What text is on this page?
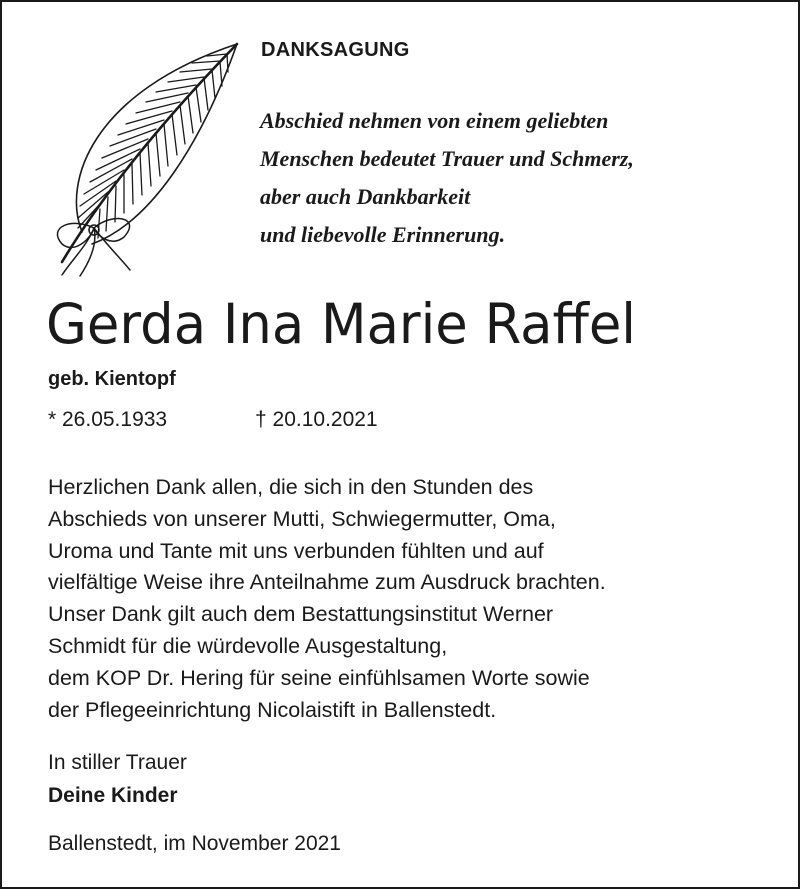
DANKSAGUNG
Abschied nehmen von einem geliebten
Menschen bedeutet Trauer und Schmerz,
aber auch Dankbarkeit
und liebevolle Erinnerung.
Gerda Ina Marie Raffel
geb. Kientopf
* 26.05.1933	† 20.10.2021
Herzlichen Dank allen, die sich in den Stunden des
Abschieds von unserer Mutti, Schwiegermutter, Oma,
Uroma und Tante mit uns verbunden fühlten und auf
vielfältige Weise ihre Anteilnahme zum Ausdruck brachten.
Unser Dank gilt auch dem Bestattungsinstitut Werner
Schmidt für die würdevolle Ausgestaltung,
dem KOP Dr. Hering für seine einfühlsamen Worte sowie
der Pflegeeinrichtung Nicolaistift in Ballenstedt.
In stiller Trauer
Deine Kinder
Ballenstedt, im November 2021
